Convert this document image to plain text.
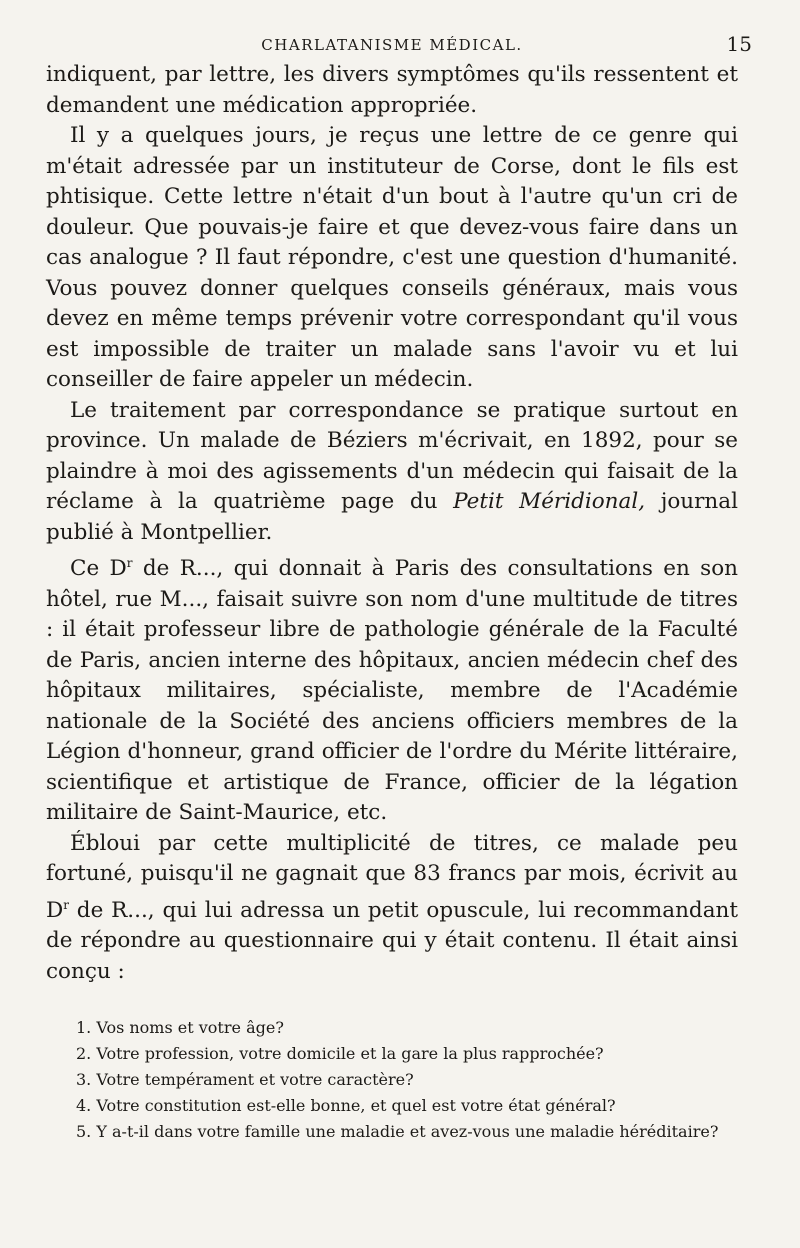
CHARLATANISME MÉDICAL.	15

indiquent, par lettre, les divers symptômes qu'ils ressentent et demandent une médication appropriée.

Il y a quelques jours, je reçus une lettre de ce genre qui m'était adressée par un instituteur de Corse, dont le fils est phtisique. Cette lettre n'était d'un bout à l'autre qu'un cri de douleur. Que pouvais-je faire et que devez-vous faire dans un cas analogue ? Il faut répondre, c'est une question d'humanité. Vous pouvez donner quelques conseils généraux, mais vous devez en même temps prévenir votre correspondant qu'il vous est impossible de traiter un malade sans l'avoir vu et lui conseiller de faire appeler un médecin.

Le traitement par correspondance se pratique surtout en province. Un malade de Béziers m'écrivait, en 1892, pour se plaindre à moi des agissements d'un médecin qui faisait de la réclame à la quatrième page du Petit Méridional, journal publié à Montpellier.

Ce $D^r$ de R..., qui donnait à Paris des consultations en son hôtel, rue M..., faisait suivre son nom d'une multitude de titres : il était professeur libre de pathologie générale de la Faculté de Paris, ancien interne des hôpitaux, ancien médecin chef des hôpitaux militaires, spécialiste, membre de l'Académie nationale de la Société des anciens officiers membres de la Légion d'honneur, grand officier de l'ordre du Mérite littéraire, scientifique et artistique de France, officier de la légation militaire de Saint-Maurice, etc.

Ébloui par cette multiplicité de titres, ce malade peu fortuné, puisqu'il ne gagnait que 83 francs par mois, écrivit au $D^r$ de R..., qui lui adressa un petit opuscule, lui recommandant de répondre au questionnaire qui y était contenu. Il était ainsi conçu :

1. Vos noms et votre âge?

2. Votre profession, votre domicile et la gare la plus rapprochée?

3. Votre tempérament et votre caractère?

4. Votre constitution est-elle bonne, et quel est votre état général?

5. Y a-t-il dans votre famille une maladie et avez-vous une maladie héréditaire?
